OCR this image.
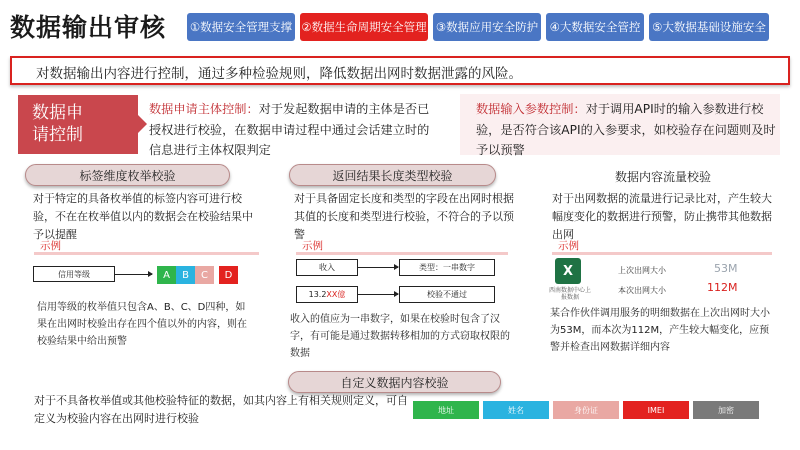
数据输出审核 ①数据安全管理支撑 ②数据生命周期安全管理 ③数据应用安全防护 ④大数据安全管控	⑤大数据基础设施安全
对数据输出内容进行控制，通过多种检验规则，降低数据出网时数据泄露的风险。
数据申
请控制
数据申请主体控制：对于发起数据申请的主体是否已授权进行校验，在数据申请过程中通过会话建立时的信息进行主体权限判定
数据输入参数控制：对于调用API时的输入参数进行校验，是否符合该API的入参要求，如校验存在问题则及时予以预警
标签维度枚举校验
对于特定的具备枚举值的标签内容可进行校验，不在在枚举值以内的数据会在校验结果中予以提醒
示例
信用等级	A	B	C	D
信用等级的枚举值只包含A、B、C、D四种，如果在出网时校验出存在四个值以外的内容，则在校验结果中给出预警
返回结果长度类型校验
对于具备固定长度和类型的字段在出网时根据其值的长度和类型进行校验，不符合的予以预警
示例
收入	类型：一串数字
13.2 XX億	校验不通过
收入的值应为一串数字，如果在校验时包含了汉字，有可能是通过数据转移相加的方式窃取权限的数据
数据内容流量校验
对于出网数据的流量进行记录比对，产生较大幅度变化的数据进行预警，防止携带其他数据出网
示例
X
西南数据中心上报数据
上次出网大小	53M
本次出网大小	112M
某合作伙伴调用服务的明细数据在上次出网时大小为53M，而本次为112M，产生较大幅变化，应预警并检查出网数据详细内容
自定义数据内容校验
对于不具备枚举值或其他校验特征的数据，如其内容上有相关规则定义，可自定义为校验内容在出网时进行校验
地址	姓名	身份证	IMEI	加密
